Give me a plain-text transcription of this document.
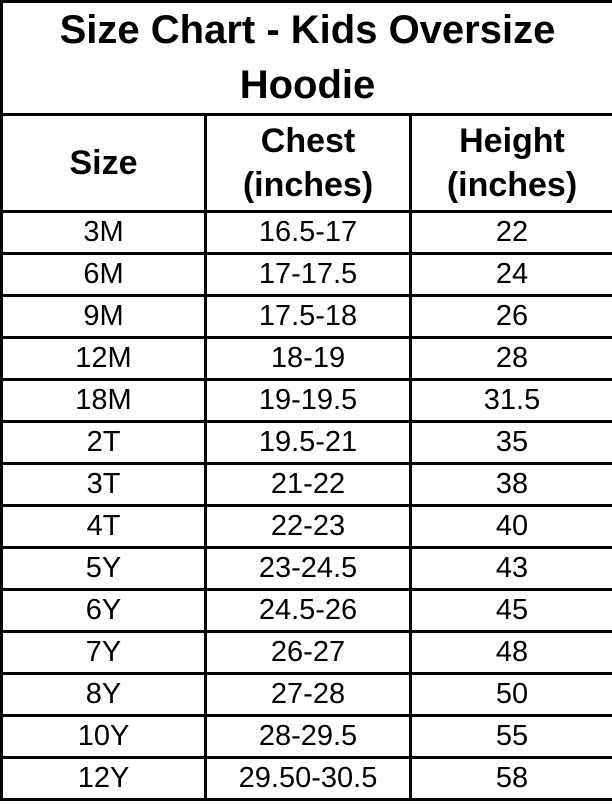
Size Chart - Kids Oversize Hoodie		
Size	Chest (inches)	Height (inches)
3M	16.5-17	22
6M	17-17.5	24
9M	17.5-18	26
12M	18-19	28
18M	19-19.5	31.5
2T	19.5-21	35
3T	21-22	38
4T	22-23	40
5Y	23-24.5	43
6Y	24.5-26	45
7Y	26-27	48
8Y	27-28	50
10Y	28-29.5	55
12Y	29.50-30.5	58
